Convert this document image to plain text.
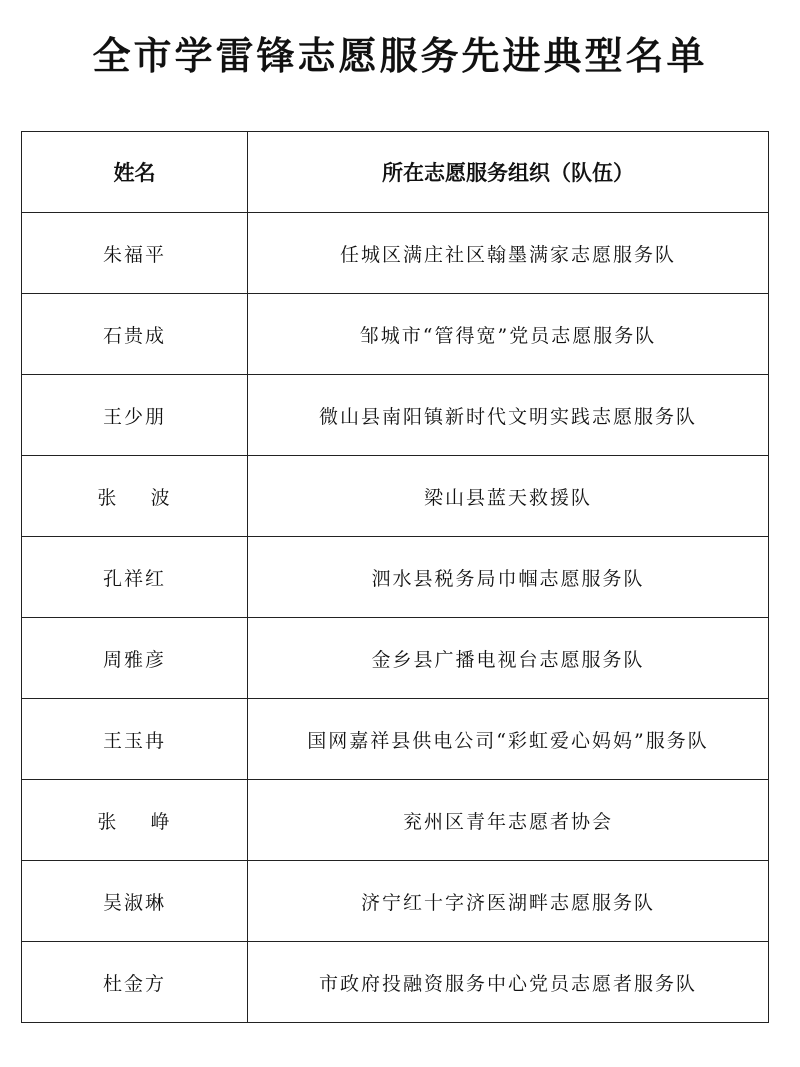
全市学雷锋志愿服务先进典型名单
姓名	所在志愿服务组织（队伍）
朱福平	任城区满庄社区翰墨满家志愿服务队
石贵成	邹城市“管得宽”党员志愿服务队
王少朋	微山县南阳镇新时代文明实践志愿服务队
张    波	梁山县蓝天救援队
孔祥红	泗水县税务局巾帼志愿服务队
周雅彦	金乡县广播电视台志愿服务队
王玉冉	国网嘉祥县供电公司“彩虹爱心妈妈”服务队
张    峥	兖州区青年志愿者协会
吴淑琳	济宁红十字济医湖畔志愿服务队
杜金方	市政府投融资服务中心党员志愿者服务队
